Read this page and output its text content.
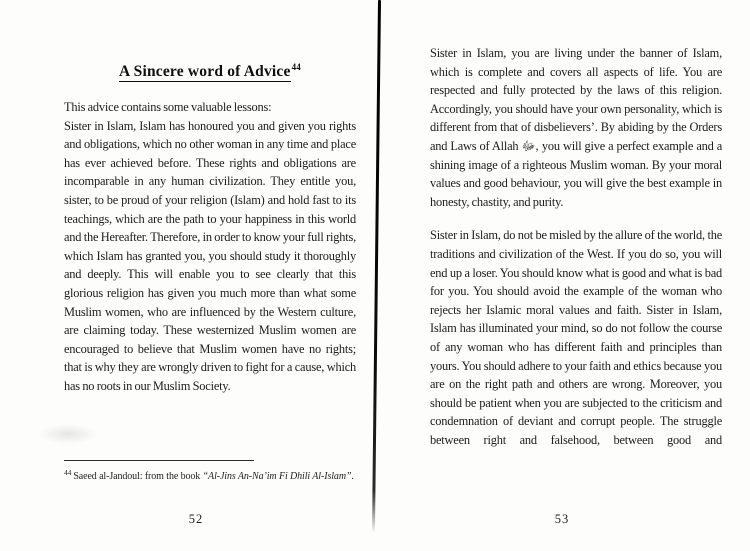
A Sincere word of Advice$^{44}$
This advice contains some valuable lessons:

Sister in Islam, Islam has honoured you and given you rights and obligations, which no other woman in any time and place has ever achieved before. These rights and obligations are incomparable in any human civilization. They entitle you, sister, to be proud of your religion (Islam) and hold fast to its teachings, which are the path to your happiness in this world and the Hereafter. Therefore, in order to know your full rights, which Islam has granted you, you should study it thoroughly and deeply. This will enable you to see clearly that this glorious religion has given you much more than what some Muslim women, who are influenced by the Western culture, are claiming today. These westernized Muslim women are encouraged to believe that Muslim women have no rights; that is why they are wrongly driven to fight for a cause, which has no roots in our Muslim Society.

$^{44}$ Saeed al-Jandoul: from the book “Al-Jins An-Na’im Fi Dhili Al-Islam”.
52

Sister in Islam, you are living under the banner of Islam, which is complete and covers all aspects of life. You are respected and fully protected by the laws of this religion. Accordingly, you should have your own personality, which is different from that of disbelievers’. By abiding by the Orders and Laws of Allah ﷻ, you will give a perfect example and a shining image of a righteous Muslim woman. By your moral values and good behaviour, you will give the best example in honesty, chastity, and purity.

Sister in Islam, do not be misled by the allure of the world, the traditions and civilization of the West. If you do so, you will end up a loser. You should know what is good and what is bad for you. You should avoid the example of the woman who rejects her Islamic moral values and faith. Sister in Islam, Islam has illuminated your mind, so do not follow the course of any woman who has different faith and principles than yours. You should adhere to your faith and ethics because you are on the right path and others are wrong. Moreover, you should be patient when you are subjected to the criticism and condemnation of deviant and corrupt people. The struggle between right and falsehood, between good and

53
